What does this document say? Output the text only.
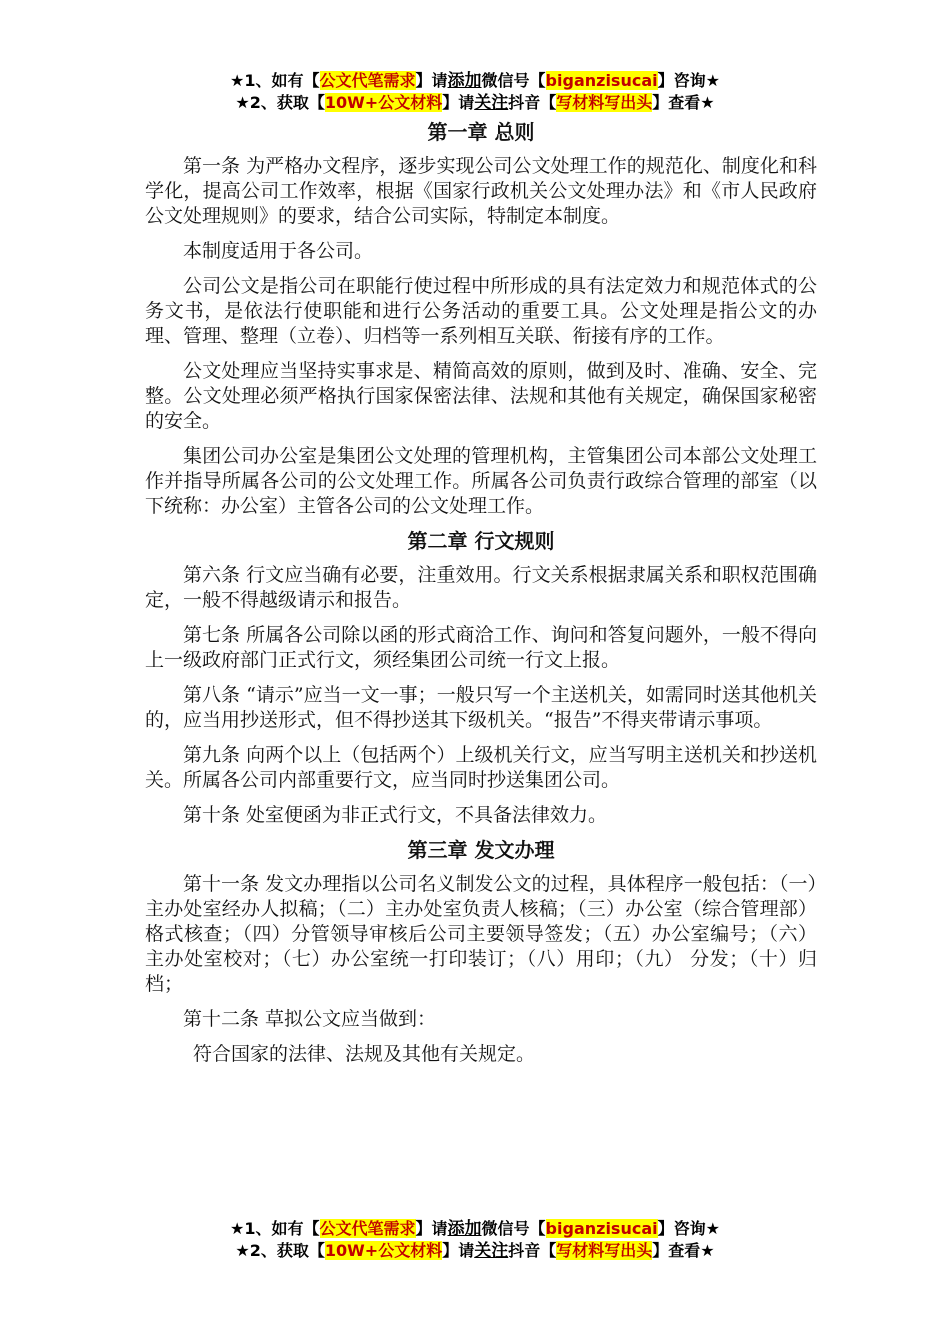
★1、如有【公文代笔需求】请添加微信号【biganzisucai】咨询★
★2、获取【10W+公文材料】请关注抖音【写材料写出头】查看★
第一章 总则

第一条 为严格办文程序，逐步实现公司公文处理工作的规范化、制度化和科学化，提高公司工作效率，根据《国家行政机关公文处理办法》和《市人民政府公文处理规则》的要求，结合公司实际，特制定本制度。

本制度适用于各公司。

公司公文是指公司在职能行使过程中所形成的具有法定效力和规范体式的公务文书，是依法行使职能和进行公务活动的重要工具。公文处理是指公文的办理、管理、整理（立卷）、归档等一系列相互关联、衔接有序的工作。

公文处理应当坚持实事求是、精简高效的原则，做到及时、准确、安全、完整。公文处理必须严格执行国家保密法律、法规和其他有关规定，确保国家秘密的安全。

集团公司办公室是集团公文处理的管理机构，主管集团公司本部公文处理工作并指导所属各公司的公文处理工作。所属各公司负责行政综合管理的部室（以下统称：办公室）主管各公司的公文处理工作。

第二章 行文规则

第六条 行文应当确有必要，注重效用。行文关系根据隶属关系和职权范围确定，一般不得越级请示和报告。

第七条 所属各公司除以函的形式商洽工作、询问和答复问题外，一般不得向上一级政府部门正式行文，须经集团公司统一行文上报。

第八条 “请示”应当一文一事；一般只写一个主送机关，如需同时送其他机关的，应当用抄送形式，但不得抄送其下级机关。“报告”不得夹带请示事项。

第九条 向两个以上（包括两个）上级机关行文，应当写明主送机关和抄送机关。所属各公司内部重要行文，应当同时抄送集团公司。

第十条 处室便函为非正式行文，不具备法律效力。

第三章 发文办理

第十一条 发文办理指以公司名义制发公文的过程，具体程序一般包括：（一）主办处室经办人拟稿；（二）主办处室负责人核稿；（三）办公室（综合管理部）格式核查；（四）分管领导审核后公司主要领导签发；（五）办公室编号；（六）主办处室校对；（七）办公室统一打印装订；（八）用印；（九） 分发；（十）归档；

第十二条 草拟公文应当做到：

符合国家的法律、法规及其他有关规定。

★1、如有【公文代笔需求】请添加微信号【biganzisucai】咨询★
★2、获取【10W+公文材料】请关注抖音【写材料写出头】查看★
